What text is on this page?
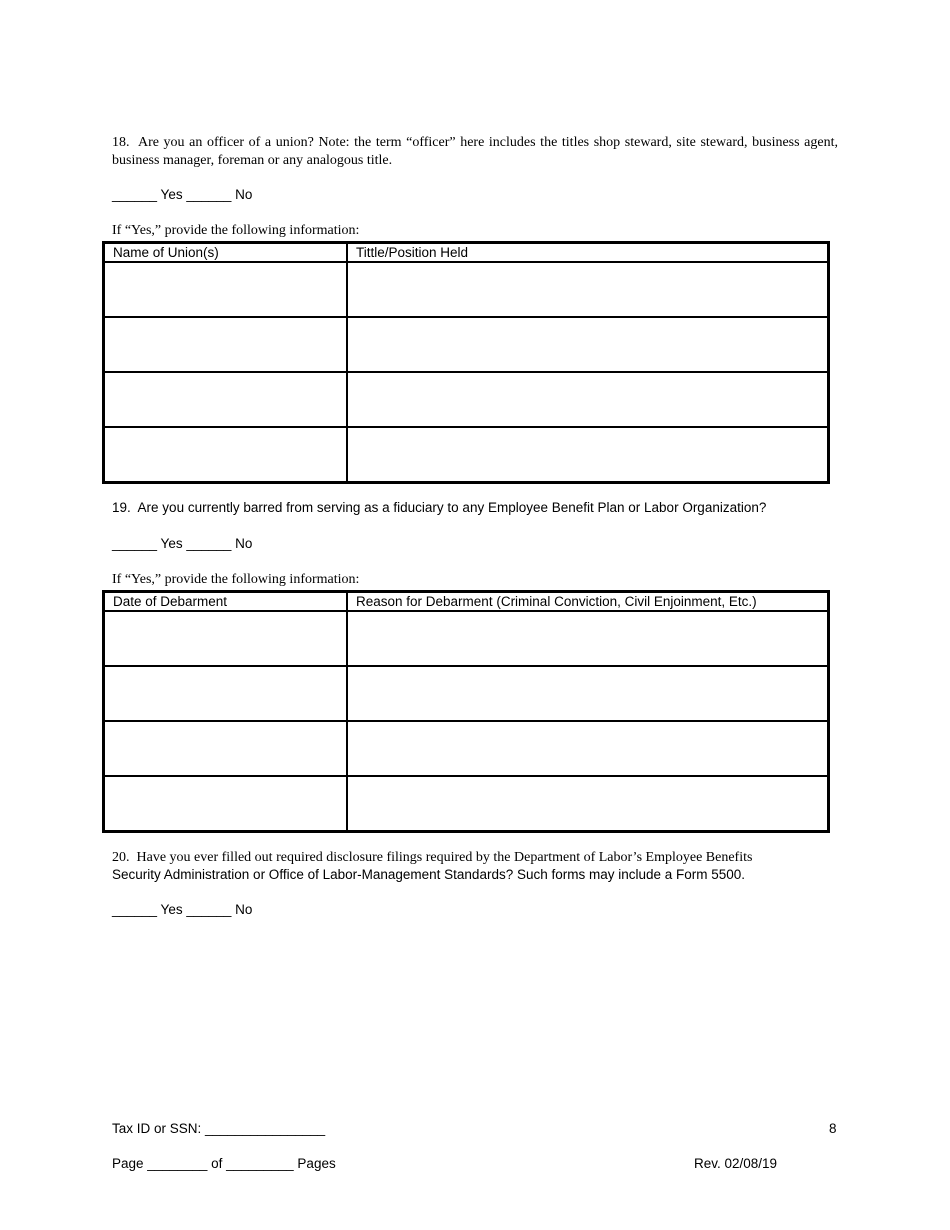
18. Are you an officer of a union? Note: the term “officer” here includes the titles shop steward, site steward, business agent, business manager, foreman or any analogous title.
______ Yes ______ No
If “Yes,” provide the following information:
Name of Union(s)	Tittle/Position Held

19. Are you currently barred from serving as a fiduciary to any Employee Benefit Plan or Labor Organization?
______ Yes ______ No
If “Yes,” provide the following information:
Date of Debarment	Reason for Debarment (Criminal Conviction, Civil Enjoinment, Etc.)

20. Have you ever filled out required disclosure filings required by the Department of Labor’s Employee Benefits
Security Administration or Office of Labor-Management Standards? Such forms may include a Form 5500.
______ Yes ______ No
Tax ID or SSN: ________________	8
Page ________ of _________ Pages	Rev. 02/08/19
